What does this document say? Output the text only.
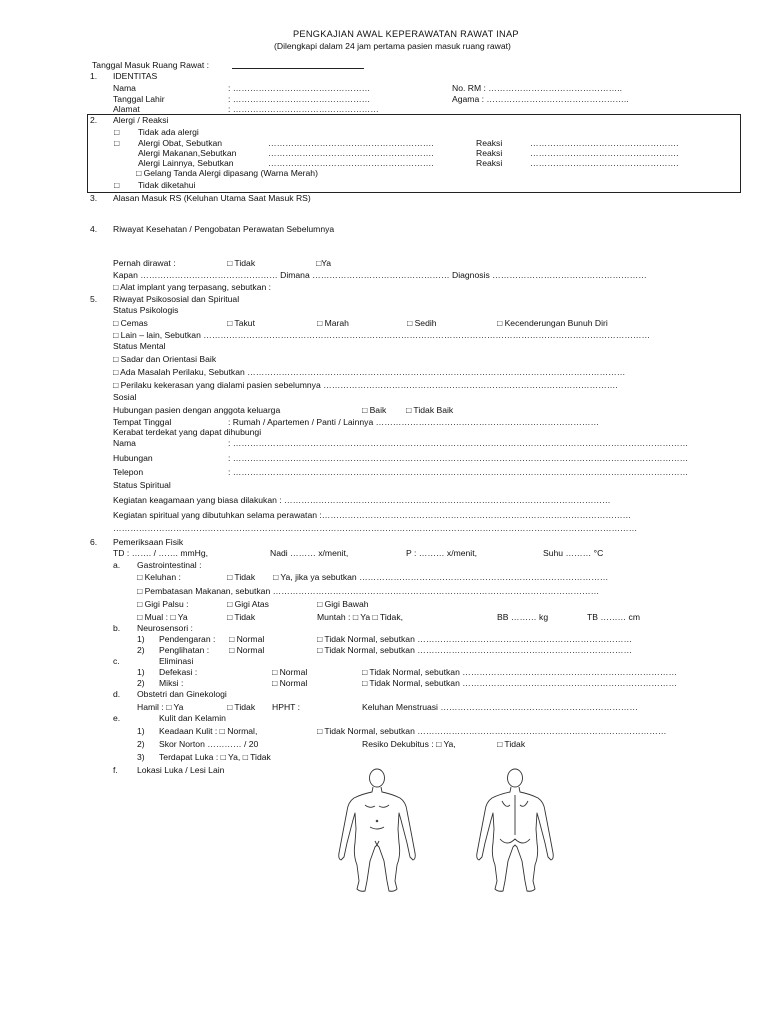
PENGKAJIAN AWAL KEPERAWATAN RAWAT INAP
(Dilengkapi dalam 24 jam pertama pasien masuk ruang rawat)
Tanggal Masuk Ruang Rawat :
1. IDENTITAS
Nama	: …………………………………………	No. RM : ………………………………………..
Tanggal Lahir	: …………………………………………	Agama : …………………………………………..
Alamat	: ……………………………………………
2. Alergi / Reaksi
□ Tidak ada alergi
□ Alergi Obat, Sebutkan	………………………………………………….	Reaksi	…………………………………………….
Alergi Makanan,Sebutkan	………………………………………………….	Reaksi	…………………………………………….
Alergi Lainnya, Sebutkan	………………………………………………….	Reaksi	…………………………………………….
□ Gelang Tanda Alergi dipasang (Warna Merah)
□ Tidak diketahui
3. Alasan Masuk RS (Keluhan Utama Saat Masuk RS)
4. Riwayat Kesehatan / Pengobatan Perawatan Sebelumnya
Pernah dirawat :	□ Tidak	□Ya
Kapan ………………………………………… Dimana ………………………………………… Diagnosis ………………………………………………
□ Alat implant yang terpasang, sebutkan :
5. Riwayat Psikososial dan Spiritual
Status Psikologis
□ Cemas	□ Takut	□ Marah	□ Sedih	□ Kecenderungan Bunuh Diri
□ Lain – lain, Sebutkan …………………………………………………………………………………………………………………………………………
Status Mental
□ Sadar dan Orientasi Baik
□ Ada Masalah Perilaku, Sebutkan ……………………………………………………………………………………………………………………
□ Perilaku kekerasan yang dialami pasien sebelumnya ………………………………………………………………………………………….
Sosial
Hubungan pasien dengan anggota keluarga	□ Baik □ Tidak Baik
Tempat Tinggal	: Rumah / Apartemen / Panti / Lainnya ……………………………………………………………………
Kerabat terdekat yang dapat dihubungi
Nama	: ……………………………………………………………………………………………………………………………………………
Hubungan	: ……………………………………………………………………………………………………………………………………………
Telepon	: ……………………………………………………………………………………………………………………………………………
Status Spiritual
Kegiatan keagamaan yang biasa dilakukan : ……………………………………………………………………………………………………
Kegiatan spiritual yang dibutuhkan selama perawatan :………………………………………………………………………………………………
…………………………………………………………………………………………………………………………………………………………………
6. Pemeriksaan Fisik
TD : ……. / ……. mmHg,	Nadi ……… x/menit,	P : ……… x/menit,	Suhu ……… °C
a. Gastrointestinal :
□ Keluhan :	□ Tidak □ Ya, jika ya sebutkan ……………………………………………………………………………
□ Pembatasan Makanan, sebutkan ……………………………………………………………………………………………………
□ Gigi Palsu :	□ Gigi Atas	□ Gigi Bawah
□ Mual : □ Ya	□ Tidak	Muntah : □ Ya □ Tidak,	BB ……… kg	TB ……… cm
b. Neurosensori :
1) Pendengaran : □ Normal	□ Tidak Normal, sebutkan …………………………………………………………………
2) Penglihatan : □ Normal	□ Tidak Normal, sebutkan …………………………………………………………………
c.	Eliminasi
1) Defekasi :	□ Normal	□ Tidak Normal, sebutkan …………………………………………………………………
2) Miksi :	□ Normal	□ Tidak Normal, sebutkan …………………………………………………………………
d. Obstetri dan Ginekologi
Hamil : □ Ya	□ Tidak HPHT :	Keluhan Menstruasi ……………………………………………………………
e.	Kulit dan Kelamin
1) Keadaan Kulit : □ Normal,	□ Tidak Normal, sebutkan ……………………………………………………………………………
2) Skor Norton ………… / 20	Resiko Dekubitus : □ Ya,	□ Tidak
3) Terdapat Luka : □ Ya, □ Tidak
f. Lokasi Luka / Lesi Lain
